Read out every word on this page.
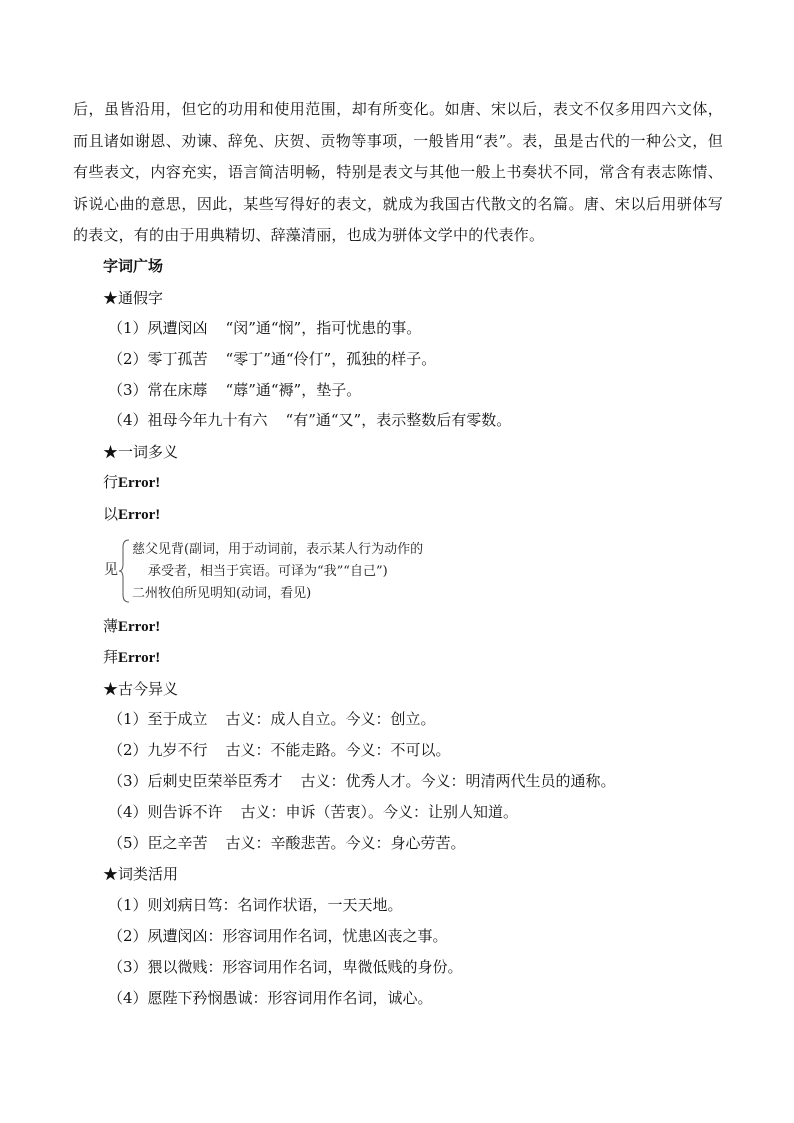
后，虽皆沿用，但它的功用和使用范围，却有所变化。如唐、宋以后，表文不仅多用四六文体，而且诸如谢恩、劝谏、辞免、庆贺、贡物等事项，一般皆用“表”。表，虽是古代的一种公文，但有些表文，内容充实，语言简洁明畅，特别是表文与其他一般上书奏状不同，常含有表志陈情、诉说心曲的意思，因此，某些写得好的表文，就成为我国古代散文的名篇。唐、宋以后用骈体写的表文，有的由于用典精切、辞藻清丽，也成为骈体文学中的代表作。
字词广场
★通假字
（1）夙遭闵凶 “闵”通“悯”，指可忧患的事。
（2）零丁孤苦 “零丁”通“伶仃”，孤独的样子。
（3）常在床蓐 “蓐”通“褥”，垫子。
（4）祖母今年九十有六 “有”通“又”，表示整数后有零数。
★一词多义
行Error!
以Error!
见
慈父见背(副词，用于动词前，表示某人行为动作的
承受者，相当于宾语。可译为“我”“自己”)
二州牧伯所见明知(动词，看见)
薄Error!
拜Error!
★古今异义
（1）至于成立 古义：成人自立。今义：创立。
（2）九岁不行 古义：不能走路。今义：不可以。
（3）后刺史臣荣举臣秀才 古义：优秀人才。今义：明清两代生员的通称。
（4）则告诉不许 古义：申诉（苦衷）。今义：让别人知道。
（5）臣之辛苦 古义：辛酸悲苦。今义：身心劳苦。
★词类活用
（1）则刘病日笃：名词作状语，一天天地。
（2）夙遭闵凶：形容词用作名词，忧患凶丧之事。
（3）猥以微贱：形容词用作名词，卑微低贱的身份。
（4）愿陛下矜悯愚诚：形容词用作名词，诚心。
